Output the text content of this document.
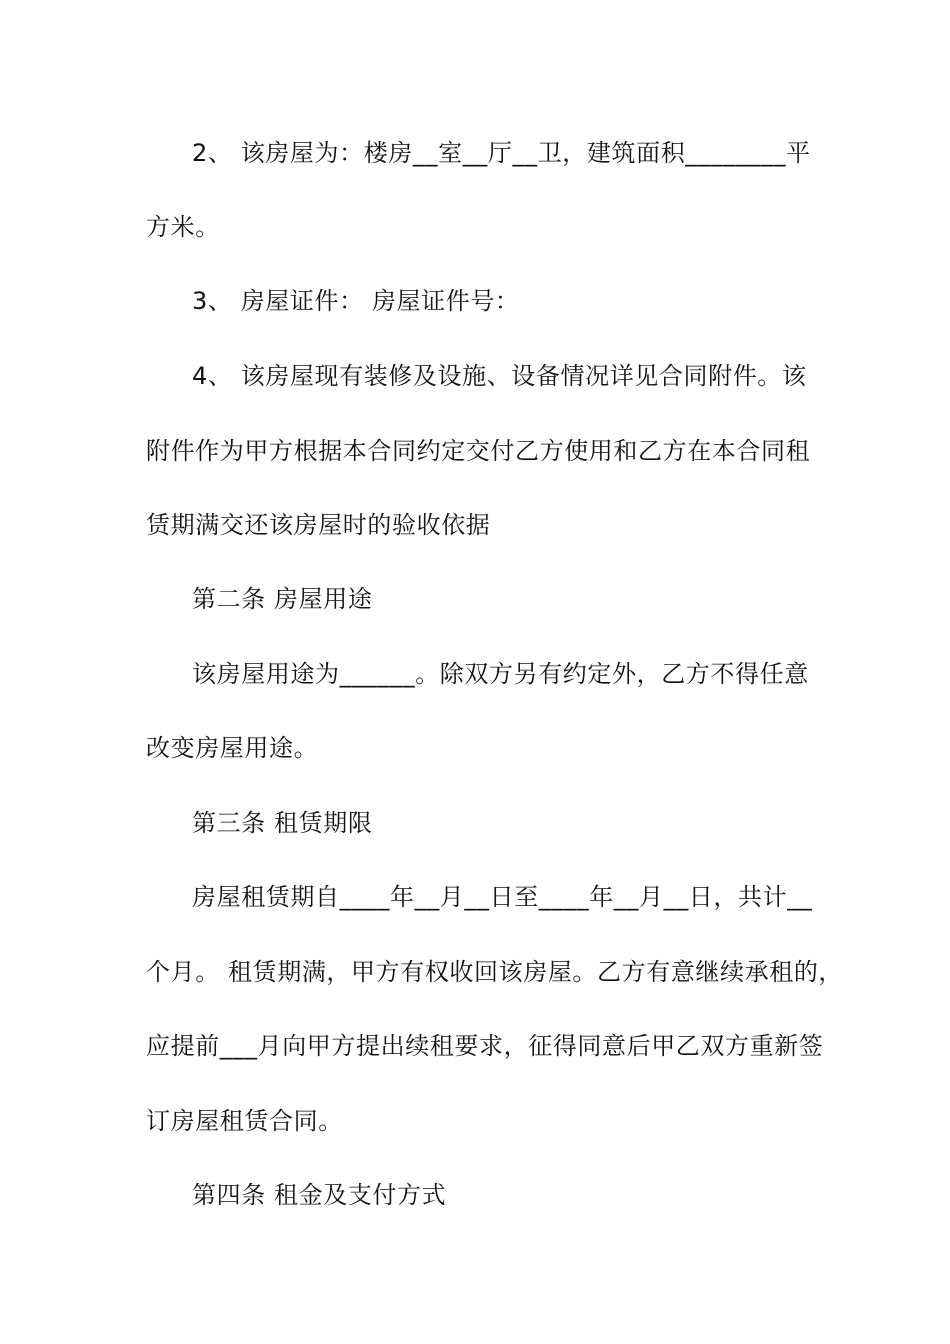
2、 该房屋为：楼房__室__厅__卫，建筑面积________平
方米。
3、 房屋证件： 房屋证件号：
4、 该房屋现有装修及设施、设备情况详见合同附件。该
附件作为甲方根据本合同约定交付乙方使用和乙方在本合同租
赁期满交还该房屋时的验收依据
第二条 房屋用途
该房屋用途为______。除双方另有约定外，乙方不得任意
改变房屋用途。
第三条 租赁期限
房屋租赁期自____年__月__日至____年__月__日，共计__
个月。 租赁期满，甲方有权收回该房屋。乙方有意继续承租的，
应提前___月向甲方提出续租要求，征得同意后甲乙双方重新签
订房屋租赁合同。
第四条 租金及支付方式
